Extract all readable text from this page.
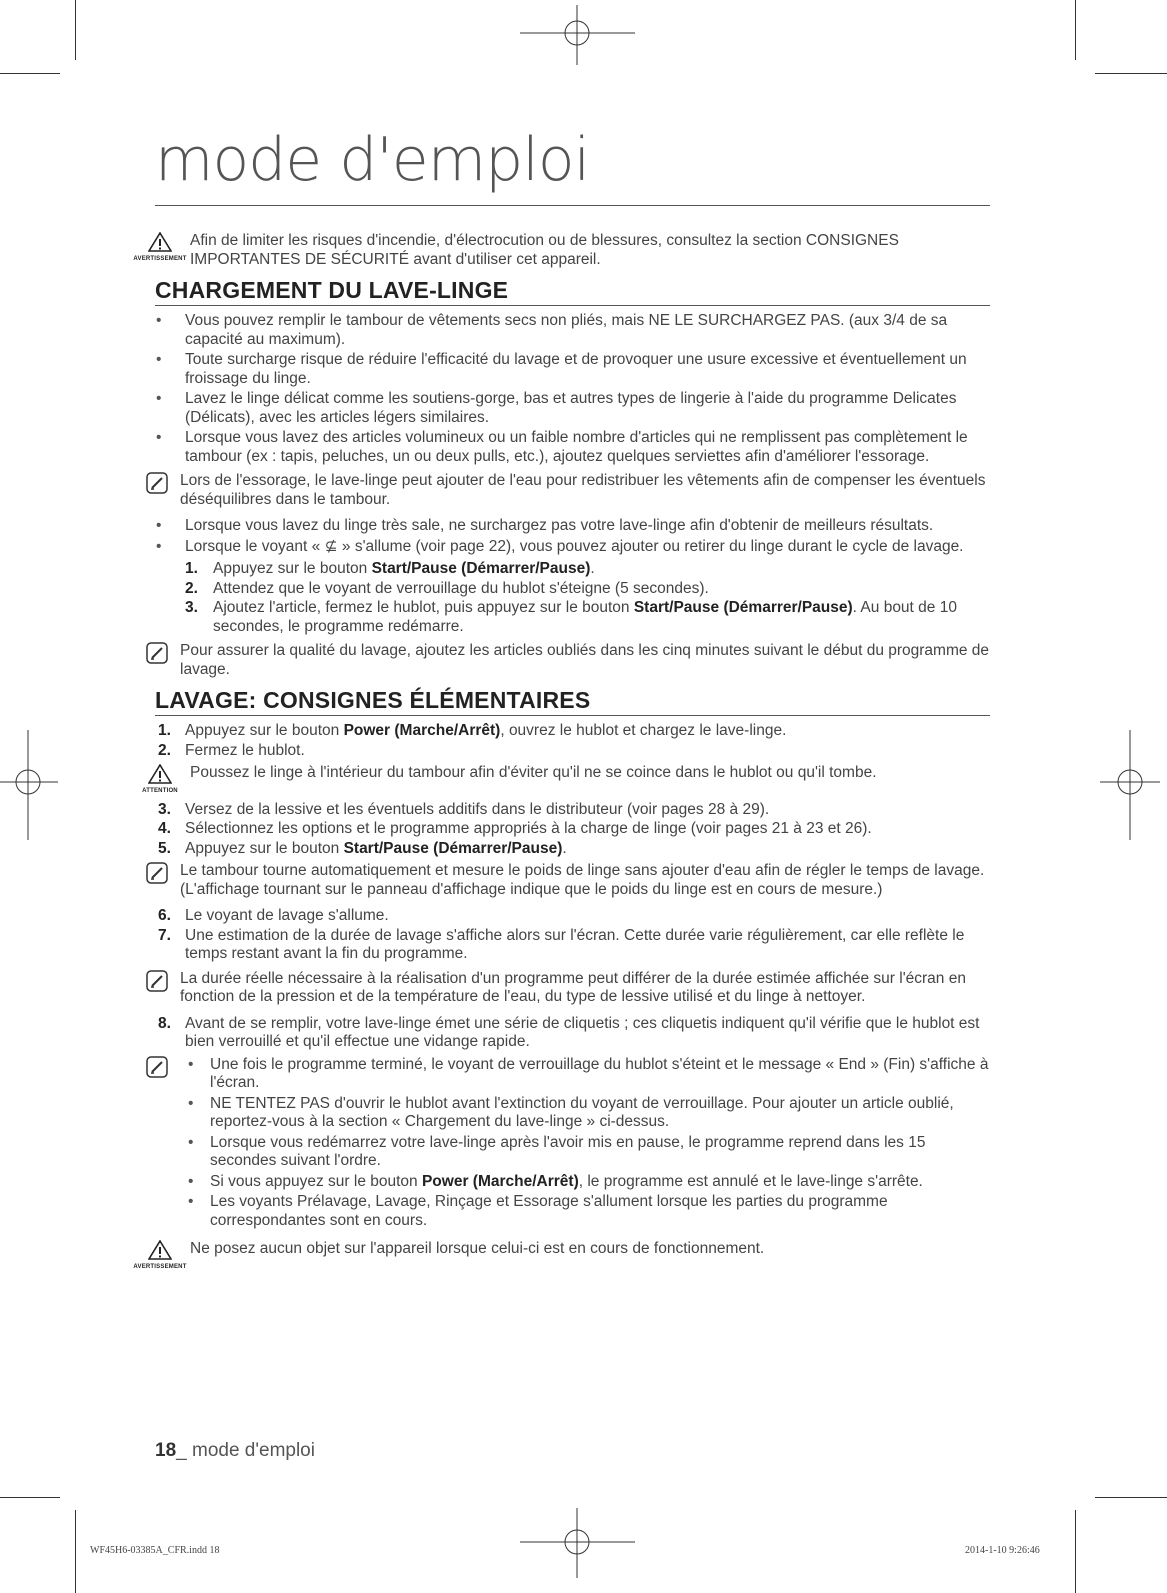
mode d'emploi
AVERTISSEMENT
Afin de limiter les risques d'incendie, d'électrocution ou de blessures, consultez la section CONSIGNES IMPORTANTES DE SÉCURITÉ avant d'utiliser cet appareil.
CHARGEMENT DU LAVE-LINGE
• Vous pouvez remplir le tambour de vêtements secs non pliés, mais NE LE SURCHARGEZ PAS. (aux 3/4 de sa capacité au maximum).
• Toute surcharge risque de réduire l'efficacité du lavage et de provoquer une usure excessive et éventuellement un froissage du linge.
• Lavez le linge délicat comme les soutiens-gorge, bas et autres types de lingerie à l'aide du programme Delicates (Délicats), avec les articles légers similaires.
• Lorsque vous lavez des articles volumineux ou un faible nombre d'articles qui ne remplissent pas complètement le tambour (ex : tapis, peluches, un ou deux pulls, etc.), ajoutez quelques serviettes afin d'améliorer l'essorage.
Lors de l'essorage, le lave-linge peut ajouter de l'eau pour redistribuer les vêtements afin de compenser les éventuels déséquilibres dans le tambour.
• Lorsque vous lavez du linge très sale, ne surchargez pas votre lave-linge afin d'obtenir de meilleurs résultats.
• Lorsque le voyant « ⊈ » s'allume (voir page 22), vous pouvez ajouter ou retirer du linge durant le cycle de lavage.
1. Appuyez sur le bouton Start/Pause (Démarrer/Pause).
2. Attendez que le voyant de verrouillage du hublot s'éteigne (5 secondes).
3. Ajoutez l'article, fermez le hublot, puis appuyez sur le bouton Start/Pause (Démarrer/Pause). Au bout de 10 secondes, le programme redémarre.
Pour assurer la qualité du lavage, ajoutez les articles oubliés dans les cinq minutes suivant le début du programme de lavage.
LAVAGE: CONSIGNES ÉLÉMENTAIRES
1. Appuyez sur le bouton Power (Marche/Arrêt), ouvrez le hublot et chargez le lave-linge.
2. Fermez le hublot.
ATTENTION
Poussez le linge à l'intérieur du tambour afin d'éviter qu'il ne se coince dans le hublot ou qu'il tombe.
3. Versez de la lessive et les éventuels additifs dans le distributeur (voir pages 28 à 29).
4. Sélectionnez les options et le programme appropriés à la charge de linge (voir pages 21 à 23 et 26).
5. Appuyez sur le bouton Start/Pause (Démarrer/Pause).
Le tambour tourne automatiquement et mesure le poids de linge sans ajouter d'eau afin de régler le temps de lavage. (L'affichage tournant sur le panneau d'affichage indique que le poids du linge est en cours de mesure.)
6. Le voyant de lavage s'allume.
7. Une estimation de la durée de lavage s'affiche alors sur l'écran. Cette durée varie régulièrement, car elle reflète le temps restant avant la fin du programme.
La durée réelle nécessaire à la réalisation d'un programme peut différer de la durée estimée affichée sur l'écran en fonction de la pression et de la température de l'eau, du type de lessive utilisé et du linge à nettoyer.
8. Avant de se remplir, votre lave-linge émet une série de cliquetis ; ces cliquetis indiquent qu'il vérifie que le hublot est bien verrouillé et qu'il effectue une vidange rapide.
• Une fois le programme terminé, le voyant de verrouillage du hublot s'éteint et le message « End » (Fin) s'affiche à l'écran.
• NE TENTEZ PAS d'ouvrir le hublot avant l'extinction du voyant de verrouillage. Pour ajouter un article oublié, reportez-vous à la section « Chargement du lave-linge » ci-dessus.
• Lorsque vous redémarrez votre lave-linge après l'avoir mis en pause, le programme reprend dans les 15 secondes suivant l'ordre.
• Si vous appuyez sur le bouton Power (Marche/Arrêt), le programme est annulé et le lave-linge s'arrête.
• Les voyants Prélavage, Lavage, Rinçage et Essorage s'allument lorsque les parties du programme correspondantes sont en cours.
AVERTISSEMENT
Ne posez aucun objet sur l'appareil lorsque celui-ci est en cours de fonctionnement.
18_ mode d'emploi
WF45H6-03385A_CFR.indd 18	2014-1-10 9:26:46
